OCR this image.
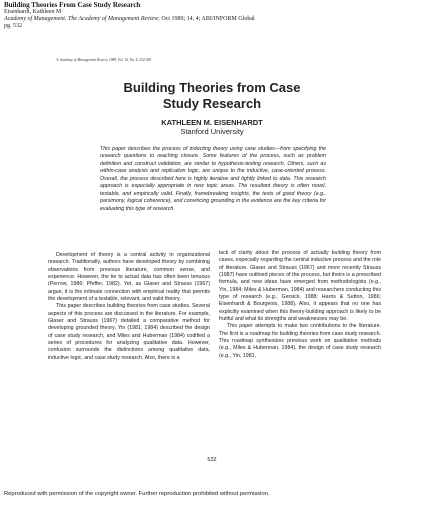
Building Theories From Case Study Research
Eisenhardt, Kathleen M
Academy of Management. The Academy of Management Review; Oct 1989; 14, 4; ABI/INFORM Global
pg. 532
® Academy of Management Review, 1989, Vol. 14, No. 4, 532-550
Building Theories from Case
Study Research
KATHLEEN M. EISENHARDT
Stanford University
This paper describes the process of inducting theory using case studies—from specifying the research questions to reaching closure. Some features of the process, such as problem definition and construct validation, are similar to hypothesis-testing research. Others, such as within-case analysis and replication logic, are unique to the inductive, case-oriented process. Overall, the process described here is highly iterative and tightly linked to data. This research approach is especially appropriate in new topic areas. The resultant theory is often novel, testable, and empirically valid. Finally, framebreaking insights, the tests of good theory (e.g., parsimony, logical coherence), and convincing grounding in the evidence are the key criteria for evaluating this type of research.

Development of theory is a central activity in organizational research. Traditionally, authors have developed theory by combining observations from previous literature, common sense, and experience. However, the tie to actual data has often been tenuous (Perrow, 1986; Pfeffer, 1982). Yet, as Glaser and Strauss (1967) argue, it is the intimate connection with empirical reality that permits the development of a testable, relevant, and valid theory.

This paper describes building theories from case studies. Several aspects of this process are discussed in the literature. For example, Glaser and Strauss (1967) detailed a comparative method for developing grounded theory. Yin (1981, 1984) described the design of case study research, and Miles and Huberman (1984) codified a series of procedures for analyzing qualitative data. However, confusion surrounds the distinctions among qualitative data, inductive logic, and case study research. Also, there is a

lack of clarity about the process of actually building theory from cases, especially regarding the central inductive process and the role of literature. Glaser and Strauss (1967) and more recently Strauss (1987) have outlined pieces of the process, but theirs is a prescribed formula, and new ideas have emerged from methodologists (e.g., Yin, 1984; Miles & Huberman, 1984) and researchers conducting this type of research (e.g., Gersick, 1988; Harris & Sutton, 1986; Eisenhardt & Bourgeois, 1988). Also, it appears that no one has explicitly examined when this theory-building approach is likely to be fruitful and what its strengths and weaknesses may be.

This paper attempts to make two contributions to the literature. The first is a roadmap for building theories from case study research. This roadmap synthesizes previous work on qualitative methods (e.g., Miles & Huberman, 1984), the design of case study research (e.g., Yin, 1981,

532
Reproduced with permission of the copyright owner. Further reproduction prohibited without permission.
